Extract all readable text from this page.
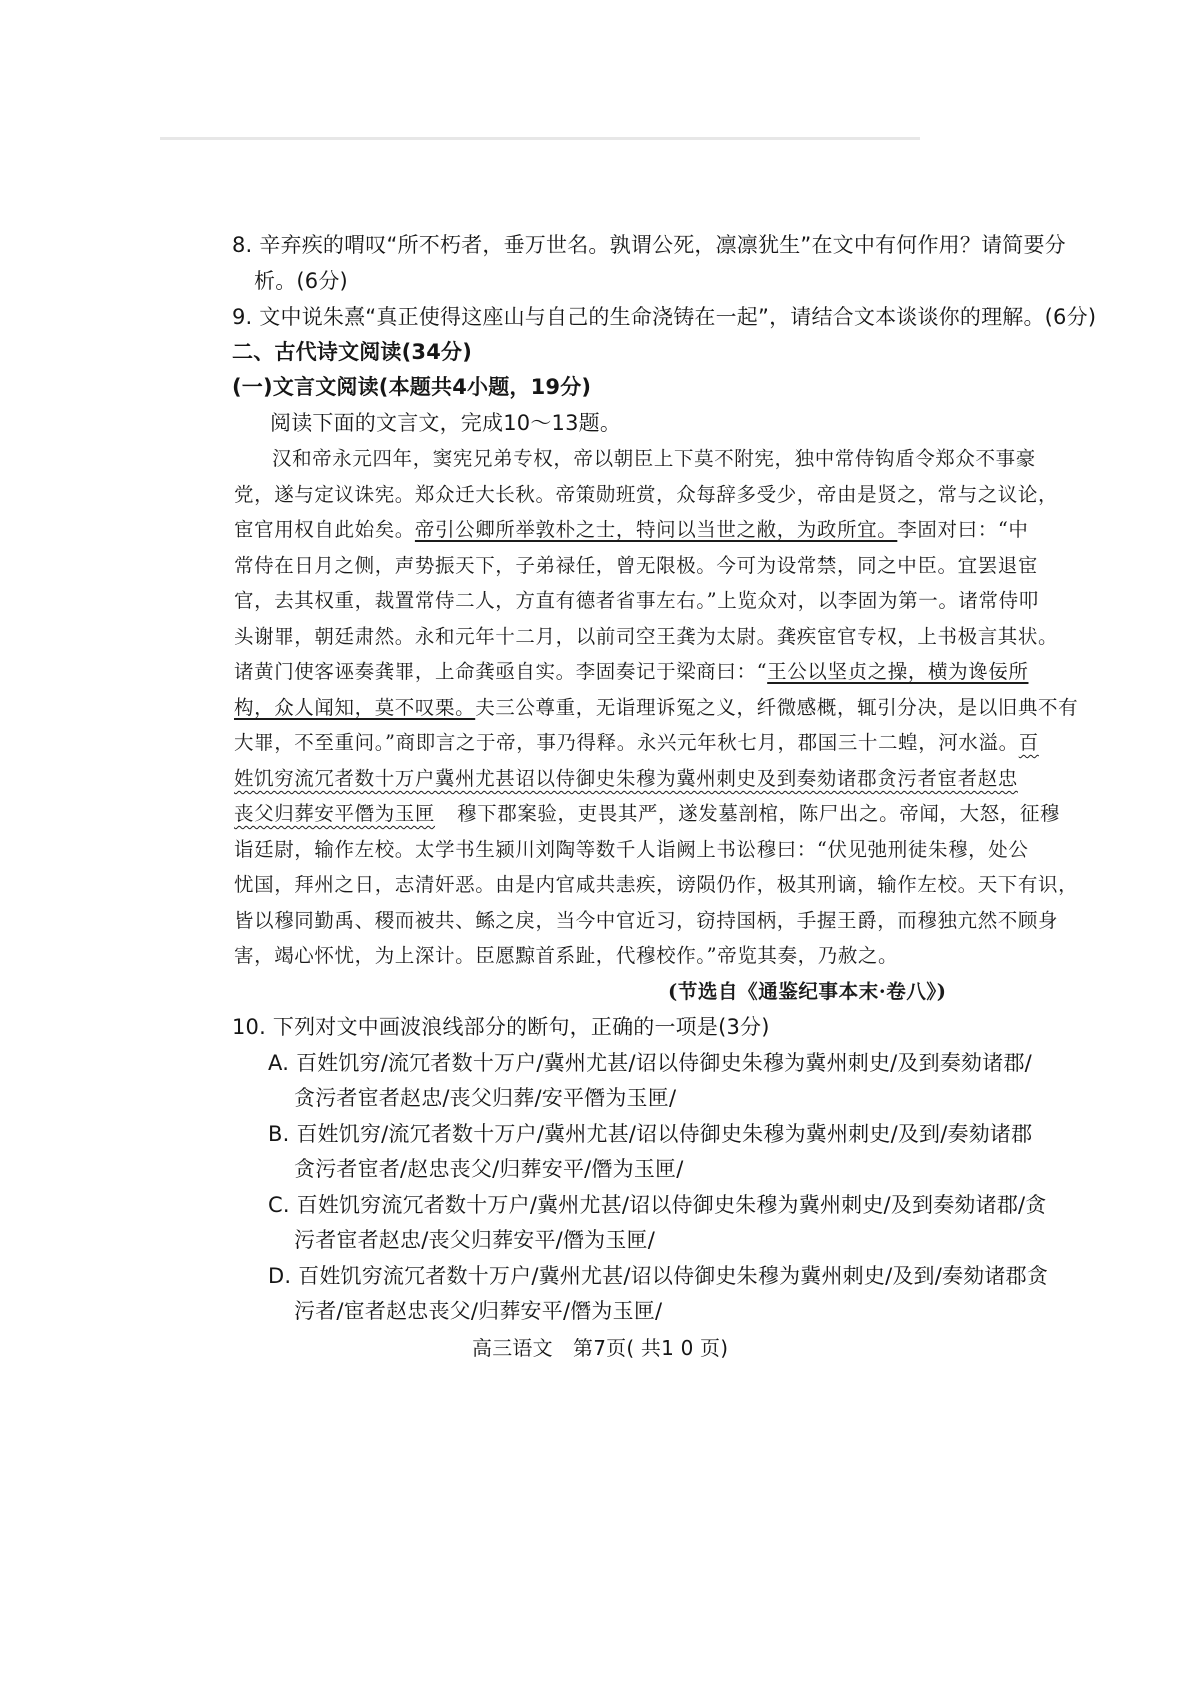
8. 辛弃疾的喟叹“所不朽者，垂万世名。孰谓公死，凛凛犹生”在文中有何作用？请简要分
析。(6分)
9. 文中说朱熹“真正使得这座山与自己的生命浇铸在一起”，请结合文本谈谈你的理解。(6分)
二、古代诗文阅读(34分)
(一)文言文阅读(本题共4小题，19分)
阅读下面的文言文，完成10～13题。
汉和帝永元四年，窦宪兄弟专权，帝以朝臣上下莫不附宪，独中常侍钩盾令郑众不事豪
党，遂与定议诛宪。郑众迁大长秋。帝策勋班赏，众每辞多受少，帝由是贤之，常与之议论，
宦官用权自此始矣。帝引公卿所举敦朴之士，特问以当世之敝，为政所宜。李固对曰：“中
常侍在日月之侧，声势振天下，子弟禄任，曾无限极。今可为设常禁，同之中臣。宜罢退宦
官，去其权重，裁置常侍二人，方直有德者省事左右。”上览众对，以李固为第一。诸常侍叩
头谢罪，朝廷肃然。永和元年十二月，以前司空王龚为太尉。龚疾宦官专权，上书极言其状。
诸黄门使客诬奏龚罪，上命龚亟自实。李固奏记于梁商曰：“王公以坚贞之操，横为谗佞所
构，众人闻知，莫不叹栗。夫三公尊重，无诣理诉冤之义，纤微感概，辄引分决，是以旧典不有
大罪，不至重问。”商即言之于帝，事乃得释。永兴元年秋七月，郡国三十二蝗，河水溢。百
姓饥穷流冗者数十万户冀州尤甚诏以侍御史朱穆为冀州刺史及到奏劾诸郡贪污者宦者赵忠
丧父归葬安平僭为玉匣 穆下郡案验，吏畏其严，遂发墓剖棺，陈尸出之。帝闻，大怒，征穆
诣廷尉，输作左校。太学书生颍川刘陶等数千人诣阙上书讼穆曰：“伏见弛刑徒朱穆，处公
忧国，拜州之日，志清奸恶。由是内官咸共恚疾，谤陨仍作，极其刑谪，输作左校。天下有识，
皆以穆同勤禹、稷而被共、鲧之戾，当今中官近习，窃持国柄，手握王爵，而穆独亢然不顾身
害，竭心怀忧，为上深计。臣愿黥首系趾，代穆校作。”帝览其奏，乃赦之。
(节选自《通鉴纪事本末·卷八》)
10. 下列对文中画波浪线部分的断句，正确的一项是(3分)
A. 百姓饥穷/流冗者数十万户/冀州尤甚/诏以侍御史朱穆为冀州刺史/及到奏劾诸郡/
贪污者宦者赵忠/丧父归葬/安平僭为玉匣/
B. 百姓饥穷/流冗者数十万户/冀州尤甚/诏以侍御史朱穆为冀州刺史/及到/奏劾诸郡
贪污者宦者/赵忠丧父/归葬安平/僭为玉匣/
C. 百姓饥穷流冗者数十万户/冀州尤甚/诏以侍御史朱穆为冀州刺史/及到奏劾诸郡/贪
污者宦者赵忠/丧父归葬安平/僭为玉匣/
D. 百姓饥穷流冗者数十万户/冀州尤甚/诏以侍御史朱穆为冀州刺史/及到/奏劾诸郡贪
污者/宦者赵忠丧父/归葬安平/僭为玉匣/
高三语文　第7页( 共1 0 页)
